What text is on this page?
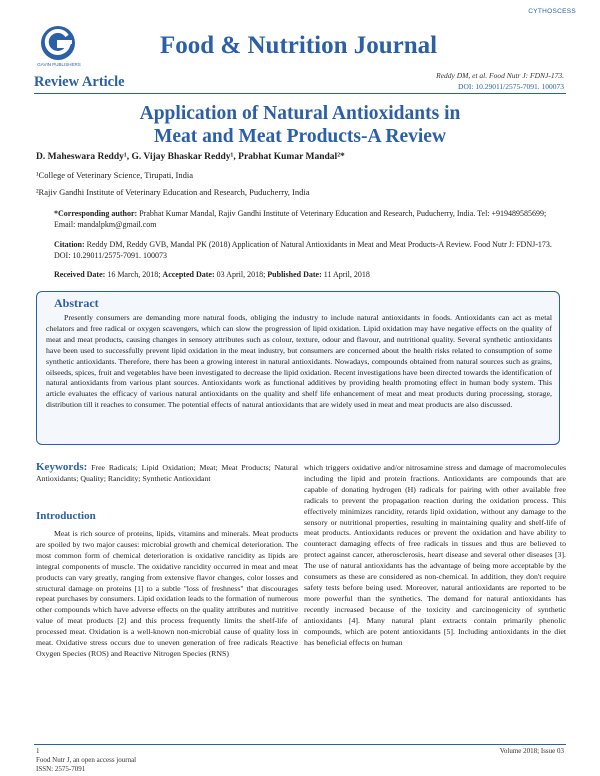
CYTHOSCESS
GAVIN PUBLISHERS
Food & Nutrition Journal
Review Article	Reddy DM, et al. Food Nutr J: FDNJ-173.
DOI: 10.29011/2575-7091. 100073
Application of Natural Antioxidants in
Meat and Meat Products-A Review
D. Maheswara Reddy¹, G. Vijay Bhaskar Reddy¹, Prabhat Kumar Mandal²*
¹College of Veterinary Science, Tirupati, India
²Rajiv Gandhi Institute of Veterinary Education and Research, Puducherry, India
*Corresponding author: Prabhat Kumar Mandal, Rajiv Gandhi Institute of Veterinary Education and Research, Puducherry, India. Tel: +919489585699; Email: mandalpkm@gmail.com
Citation: Reddy DM, Reddy GVB, Mandal PK (2018) Application of Natural Antioxidants in Meat and Meat Products-A Review. Food Nutr J: FDNJ-173. DOI: 10.29011/2575-7091. 100073
Received Date: 16 March, 2018; Accepted Date: 03 April, 2018; Published Date: 11 April, 2018
Abstract

Presently consumers are demanding more natural foods, obliging the industry to include natural antioxidants in foods. Antioxidants can act as metal chelators and free radical or oxygen scavengers, which can slow the progression of lipid oxidation. Lipid oxidation may have negative effects on the quality of meat and meat products, causing changes in sensory attributes such as colour, texture, odour and flavour, and nutritional quality. Several synthetic antioxidants have been used to successfully prevent lipid oxidation in the meat industry, but consumers are concerned about the health risks related to consumption of some synthetic antioxidants. Therefore, there has been a growing interest in natural antioxidants. Nowadays, compounds obtained from natural sources such as grains, oilseeds, spices, fruit and vegetables have been investigated to decrease the lipid oxidation. Recent investigations have been directed towards the identification of natural antioxidants from various plant sources. Antioxidants work as functional additives by providing health promoting effect in human body system. This article evaluates the efficacy of various natural antioxidants on the quality and shelf life enhancement of meat and meat products during processing, storage, distribution till it reaches to consumer. The potential effects of natural antioxidants that are widely used in meat and meat products are also discussed.

Keywords: Free Radicals; Lipid Oxidation; Meat; Meat Products; Natural Antioxidants; Quality; Rancidity; Synthetic Antioxidant

Introduction

Meat is rich source of proteins, lipids, vitamins and minerals. Meat products are spoiled by two major causes: microbial growth and chemical deterioration. The most common form of chemical deterioration is oxidative rancidity as lipids are integral components of muscle. The oxidative rancidity occurred in meat and meat products can vary greatly, ranging from extensive flavor changes, color losses and structural damage on proteins [1] to a subtle "loss of freshness" that discourages repeat purchases by consumers. Lipid oxidation leads to the formation of numerous other compounds which have adverse effects on the quality attributes and nutritive value of meat products [2] and this process frequently limits the shelf-life of processed meat. Oxidation is a well-known non-microbial cause of quality loss in meat. Oxidative stress occurs due to uneven generation of free radicals Reactive Oxygen Species (ROS) and Reactive Nitrogen Species (RNS)

which triggers oxidative and/or nitrosamine stress and damage of macromolecules including the lipid and protein fractions. Antioxidants are compounds that are capable of donating hydrogen (H) radicals for pairing with other available free radicals to prevent the propagation reaction during the oxidation process. This effectively minimizes rancidity, retards lipid oxidation, without any damage to the sensory or nutritional properties, resulting in maintaining quality and shelf-life of meat products. Antioxidants reduces or prevent the oxidation and have ability to counteract damaging effects of free radicals in tissues and thus are believed to protect against cancer, atherosclerosis, heart disease and several other diseases [3]. The use of natural antioxidants has the advantage of being more acceptable by the consumers as these are considered as non-chemical. In addition, they don't require safety tests before being used. Moreover, natural antioxidants are reported to be more powerful than the synthetics. The demand for natural antioxidants has recently increased because of the toxicity and carcinogenicity of synthetic antioxidants [4]. Many natural plant extracts contain primarily phenolic compounds, which are potent antioxidants [5]. Including antioxidants in the diet has beneficial effects on human

1
Food Nutr J, an open access journal
ISSN: 2575-7091
Volume 2018; Issue 03
